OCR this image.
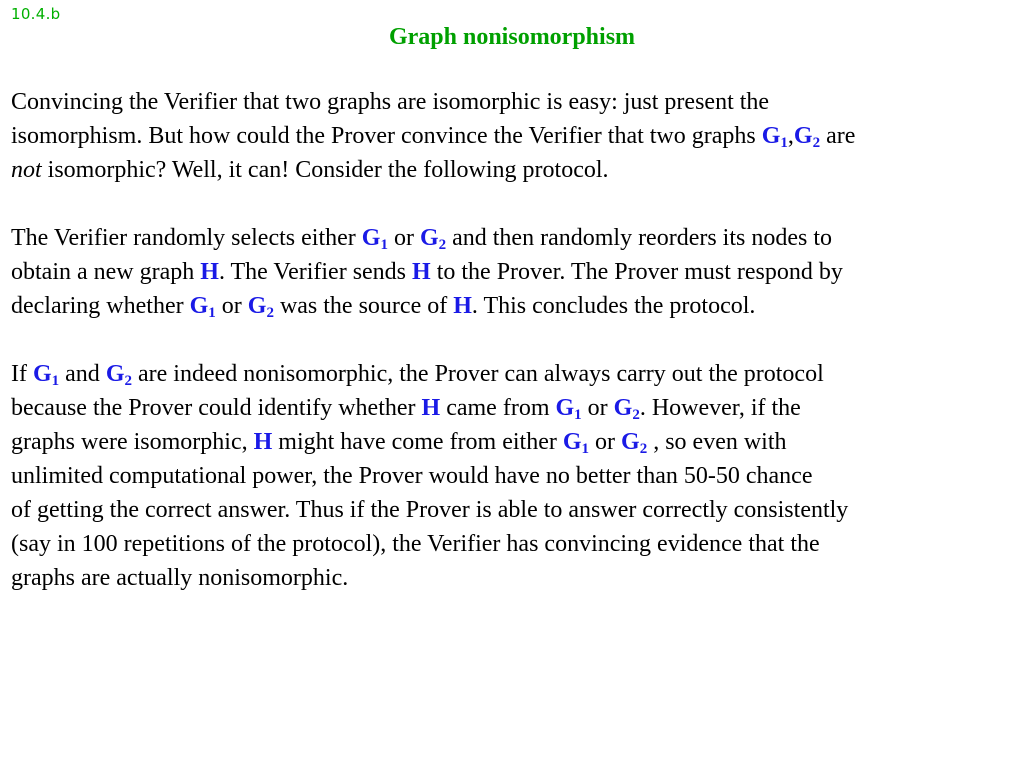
10.4.b
Graph nonisomorphism
Convincing the Verifier that two graphs are isomorphic is easy: just present the
isomorphism. But how could the Prover convince the Verifier that two graphs $G_1,G_2$ are
not isomorphic? Well, it can! Consider the following protocol.
The Verifier randomly selects either $G_1$ or $G_2$ and then randomly reorders its nodes to
obtain a new graph H. The Verifier sends H to the Prover. The Prover must respond by
declaring whether $G_1$ or $G_2$ was the source of H. This concludes the protocol.
If $G_1$ and $G_2$ are indeed nonisomorphic, the Prover can always carry out the protocol
because the Prover could identify whether H came from $G_1$ or $G_2$. However, if the
graphs were isomorphic, H might have come from either $G_1$ or $G_2$ , so even with
unlimited computational power, the Prover would have no better than 50-50 chance
of getting the correct answer. Thus if the Prover is able to answer correctly consistently
(say in 100 repetitions of the protocol), the Verifier has convincing evidence that the
graphs are actually nonisomorphic.
